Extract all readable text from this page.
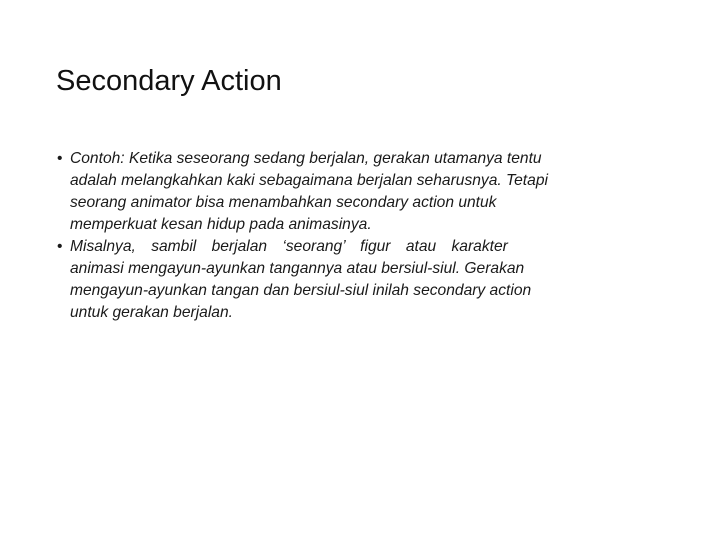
Secondary Action
• Contoh: Ketika seseorang sedang berjalan, gerakan utamanya tentu
adalah melangkahkan kaki sebagaimana berjalan seharusnya. Tetapi
seorang animator bisa menambahkan secondary action untuk
memperkuat kesan hidup pada animasinya.
• Misalnya, sambil berjalan ‘seorang’ figur atau karakter
animasi mengayun-ayunkan tangannya atau bersiul-siul. Gerakan
mengayun-ayunkan tangan dan bersiul-siul inilah secondary action
untuk gerakan berjalan.
